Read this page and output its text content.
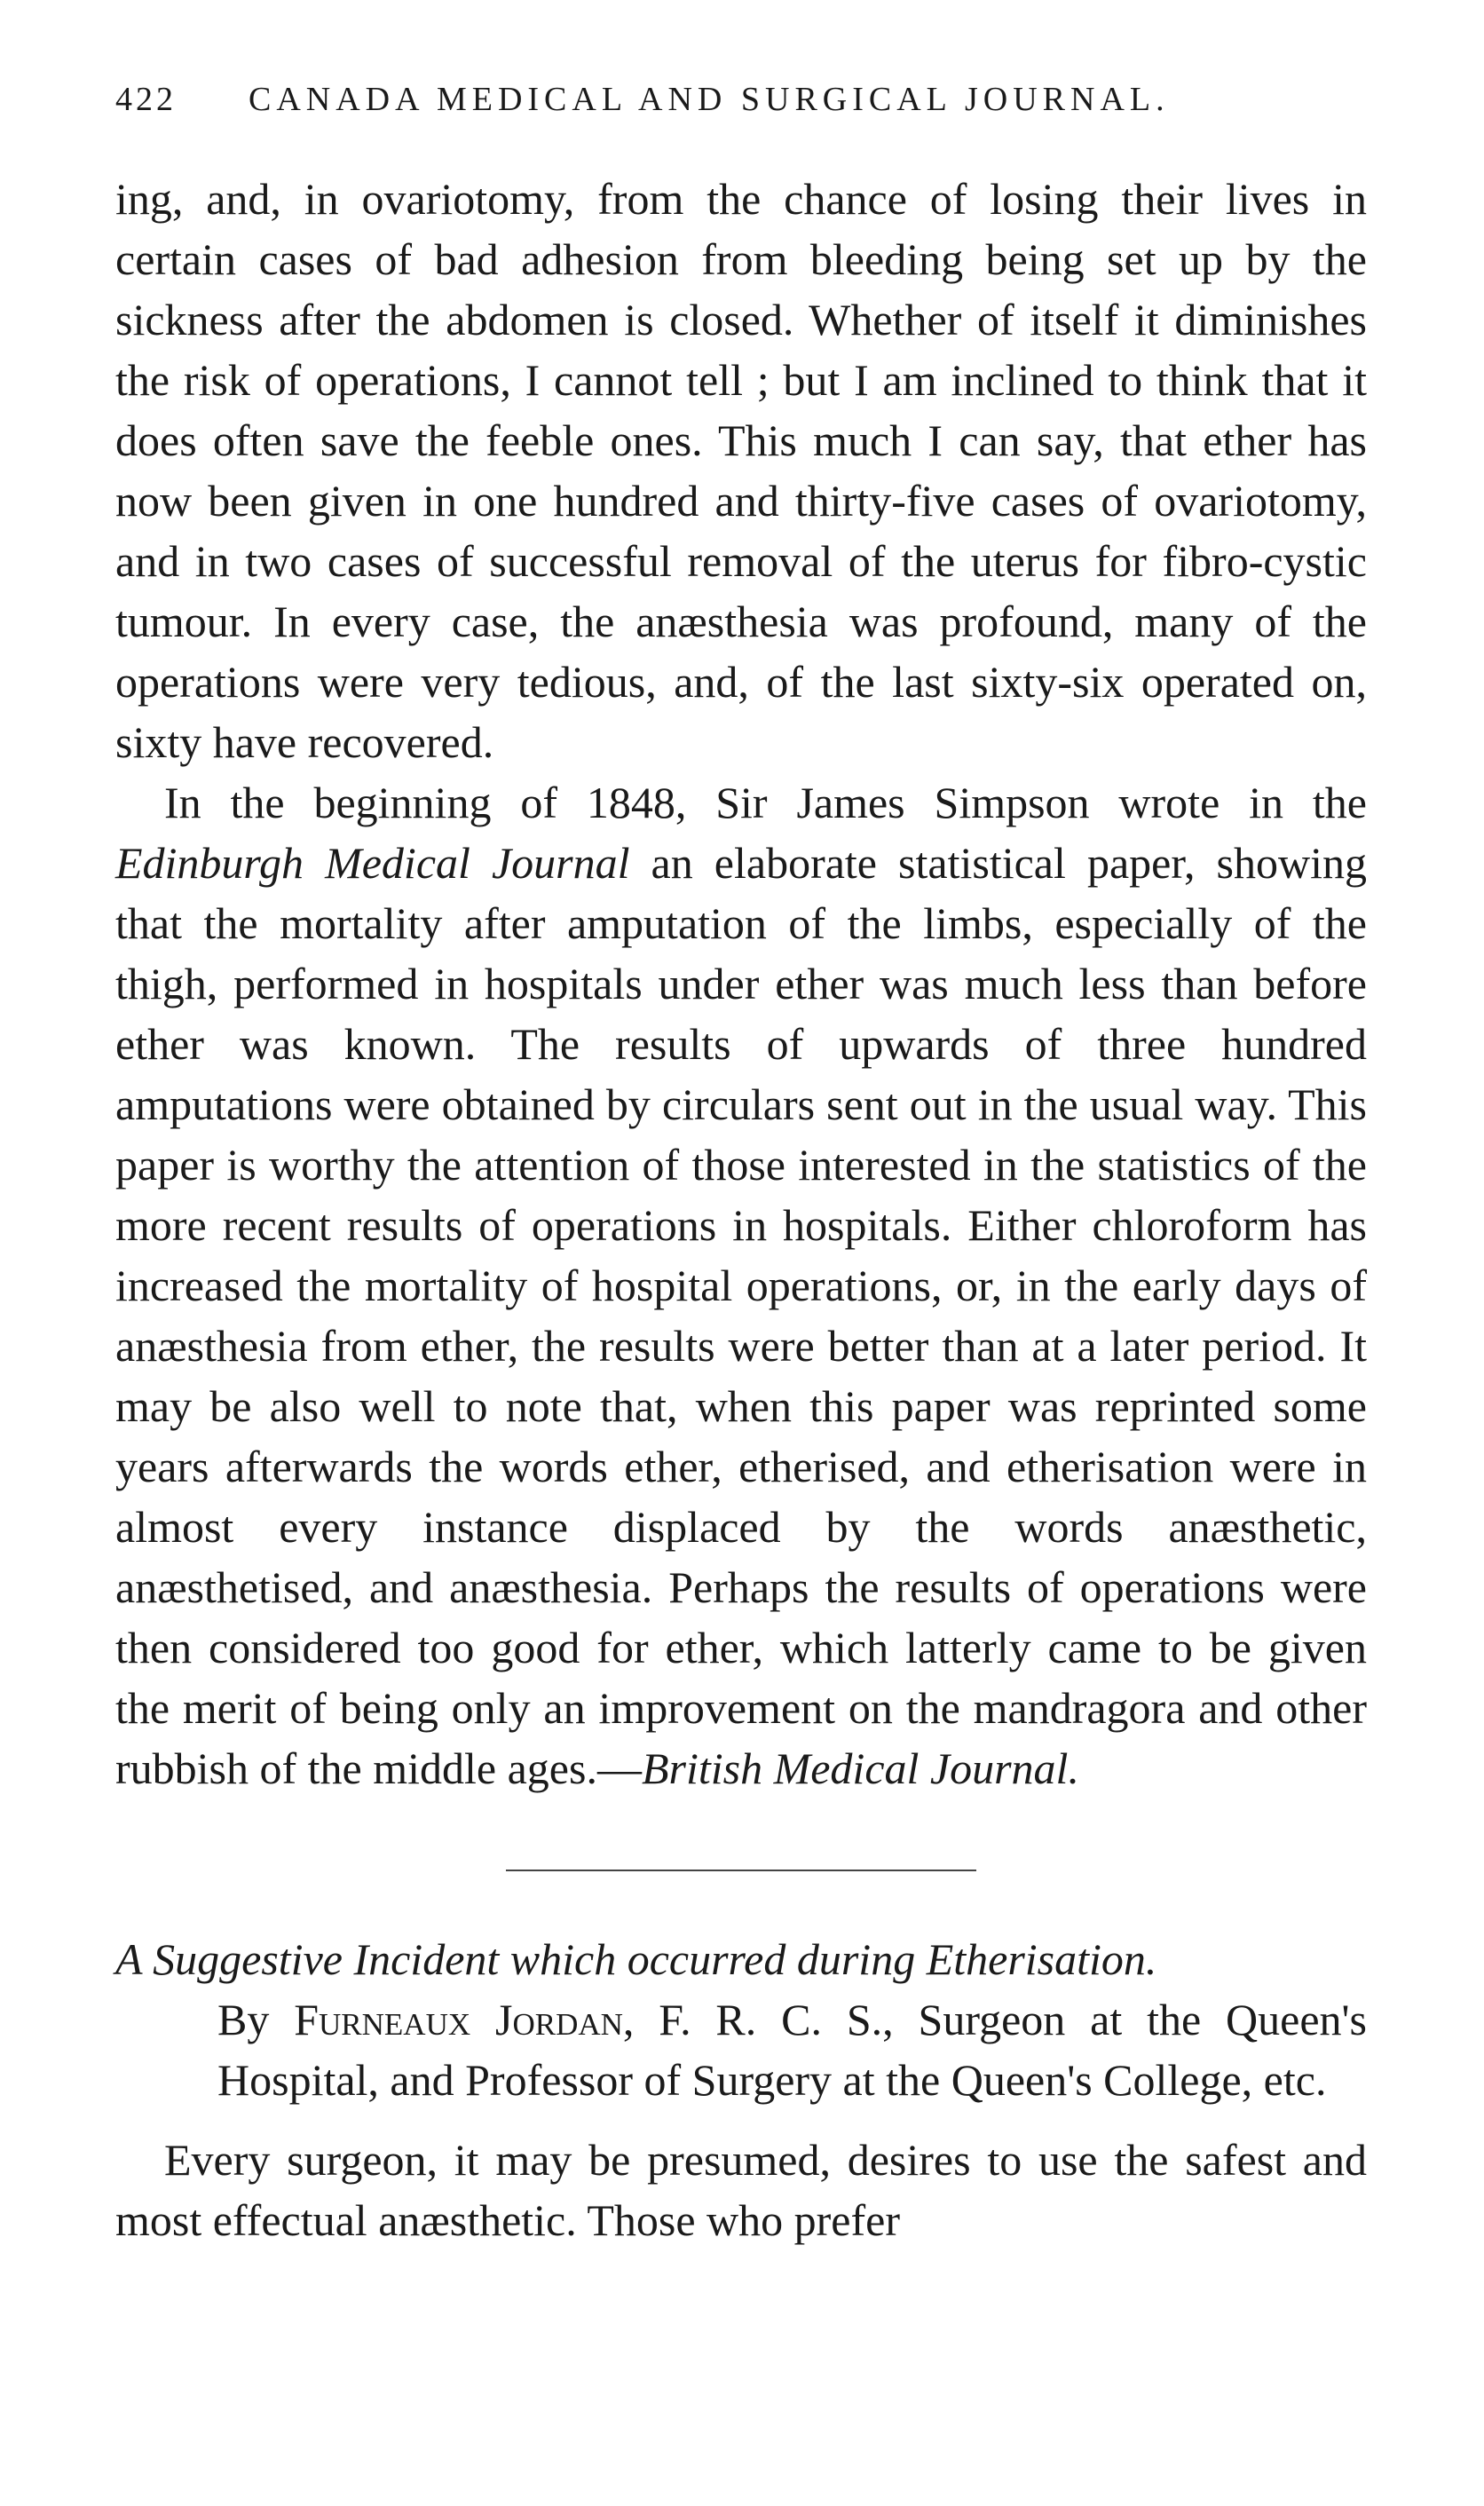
422	CANADA MEDICAL AND SURGICAL JOURNAL.

ing, and, in ovariotomy, from the chance of losing their lives in certain cases of bad adhesion from bleeding being set up by the sickness after the abdomen is closed. Whether of itself it diminishes the risk of operations, I cannot tell ; but I am inclined to think that it does often save the feeble ones. This much I can say, that ether has now been given in one hundred and thirty-five cases of ovariotomy, and in two cases of successful removal of the uterus for fibro-cystic tumour. In every case, the anæsthesia was profound, many of the operations were very tedious, and, of the last sixty-six operated on, sixty have recovered.

In the beginning of 1848, Sir James Simpson wrote in the Edinburgh Medical Journal an elaborate statistical paper, showing that the mortality after amputation of the limbs, especially of the thigh, performed in hospitals under ether was much less than before ether was known. The results of upwards of three hundred amputations were obtained by circulars sent out in the usual way. This paper is worthy the attention of those interested in the statistics of the more recent results of operations in hospitals. Either chloroform has increased the mortality of hospital operations, or, in the early days of anæsthesia from ether, the results were better than at a later period. It may be also well to note that, when this paper was reprinted some years afterwards the words ether, etherised, and etherisation were in almost every instance displaced by the words anæsthetic, anæsthetised, and anæsthesia. Perhaps the results of operations were then considered too good for ether, which latterly came to be given the merit of being only an improvement on the mandragora and other rubbish of the middle ages.—British Medical Journal.

A Suggestive Incident which occurred during Etherisation.

By Furneaux Jordan, F. R. C. S., Surgeon at the Queen's Hospital, and Professor of Surgery at the Queen's College, etc.

Every surgeon, it may be presumed, desires to use the safest and most effectual anæsthetic. Those who prefer
